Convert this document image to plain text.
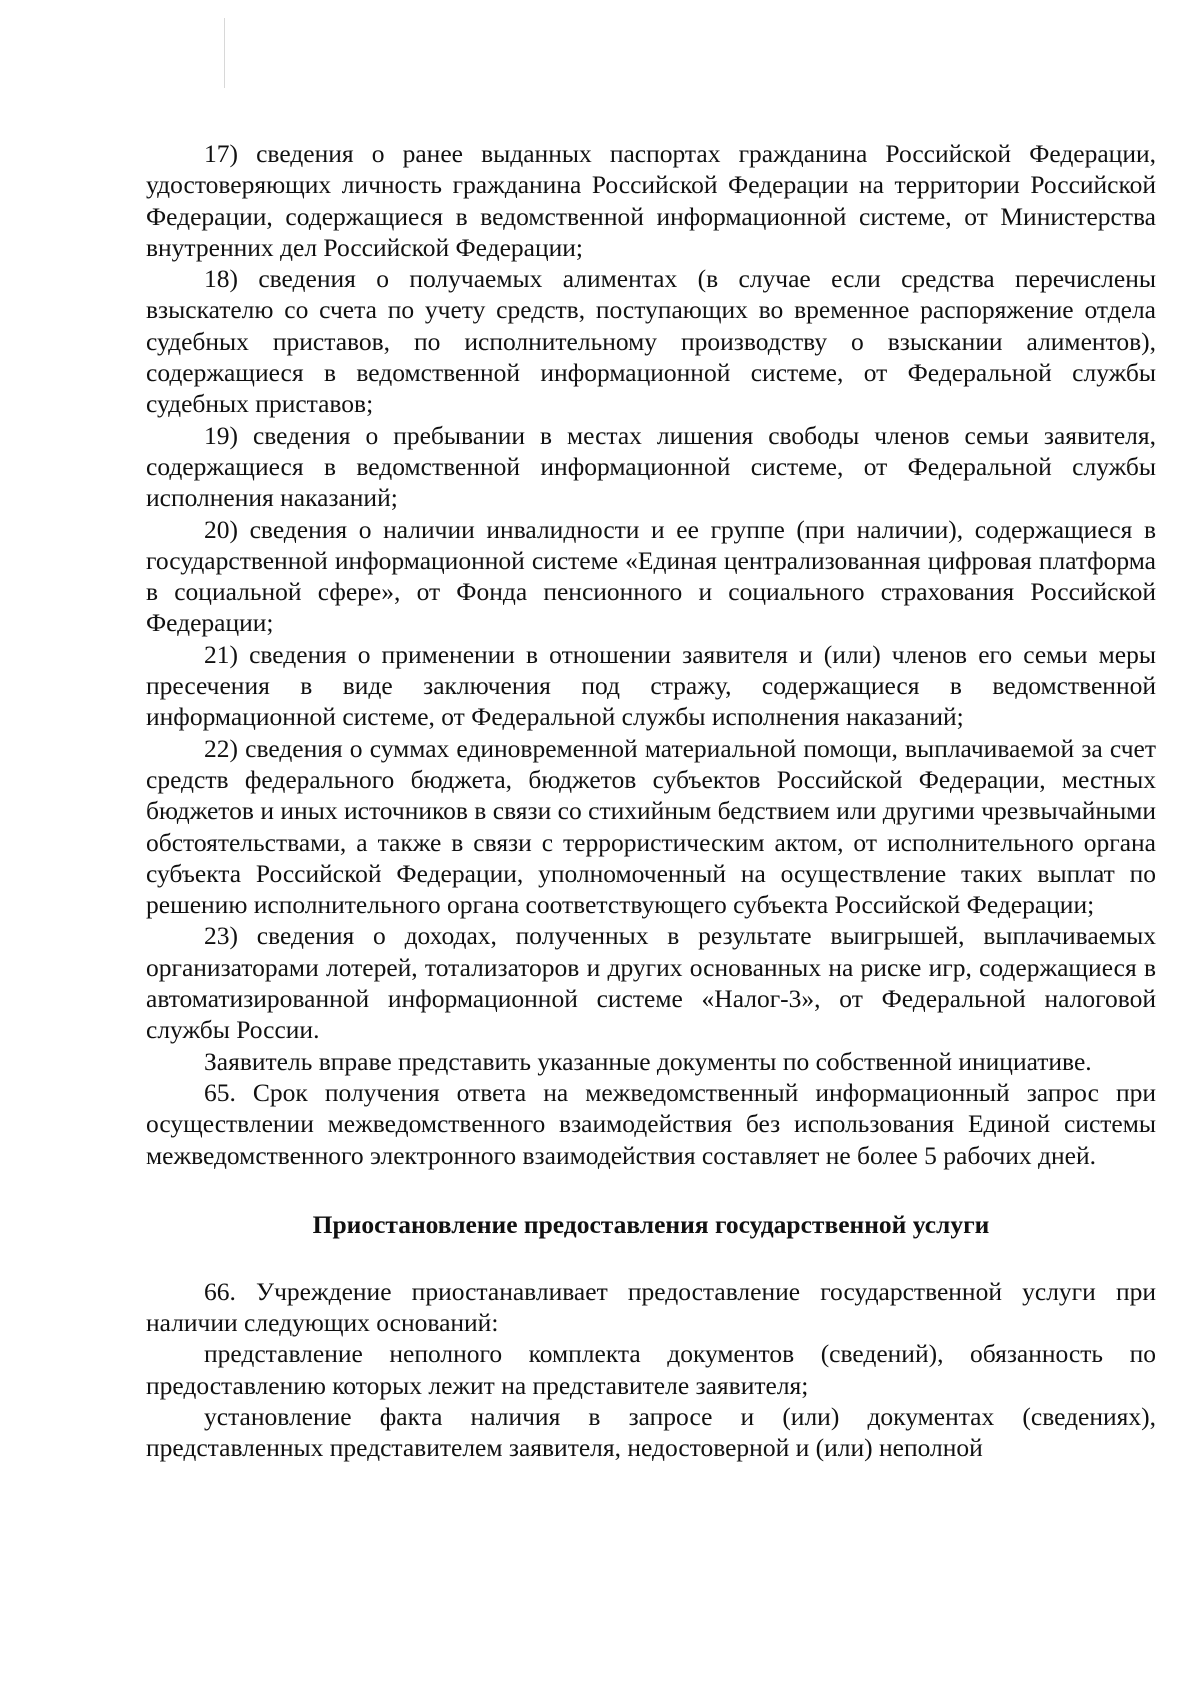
17) сведения о ранее выданных паспортах гражданина Российской Федерации, удостоверяющих личность гражданина Российской Федерации на территории Российской Федерации, содержащиеся в ведомственной информационной системе, от Министерства внутренних дел Российской Федерации;

18) сведения о получаемых алиментах (в случае если средства перечислены взыскателю со счета по учету средств, поступающих во временное распоряжение отдела судебных приставов, по исполнительному производству о взыскании алиментов), содержащиеся в ведомственной информационной системе, от Федеральной службы судебных приставов;

19) сведения о пребывании в местах лишения свободы членов семьи заявителя, содержащиеся в ведомственной информационной системе, от Федеральной службы исполнения наказаний;

20) сведения о наличии инвалидности и ее группе (при наличии), содержащиеся в государственной информационной системе «Единая централизованная цифровая платформа в социальной сфере», от Фонда пенсионного и социального страхования Российской Федерации;

21) сведения о применении в отношении заявителя и (или) членов его семьи меры пресечения в виде заключения под стражу, содержащиеся в ведомственной информационной системе, от Федеральной службы исполнения наказаний;

22) сведения о суммах единовременной материальной помощи, выплачиваемой за счет средств федерального бюджета, бюджетов субъектов Российской Федерации, местных бюджетов и иных источников в связи со стихийным бедствием или другими чрезвычайными обстоятельствами, а также в связи с террористическим актом, от исполнительного органа субъекта Российской Федерации, уполномоченный на осуществление таких выплат по решению исполнительного органа соответствующего субъекта Российской Федерации;

23) сведения о доходах, полученных в результате выигрышей, выплачиваемых организаторами лотерей, тотализаторов и других основанных на риске игр, содержащиеся в автоматизированной информационной системе «Налог-3», от Федеральной налоговой службы России.

Заявитель вправе представить указанные документы по собственной инициативе.

65. Срок получения ответа на межведомственный информационный запрос при осуществлении межведомственного взаимодействия без использования Единой системы межведомственного электронного взаимодействия составляет не более 5 рабочих дней.

Приостановление предоставления государственной услуги

66. Учреждение приостанавливает предоставление государственной услуги при наличии следующих оснований:

представление неполного комплекта документов (сведений), обязанность по предоставлению которых лежит на представителе заявителя;

установление факта наличия в запросе и (или) документах (сведениях), представленных представителем заявителя, недостоверной и (или) неполной
